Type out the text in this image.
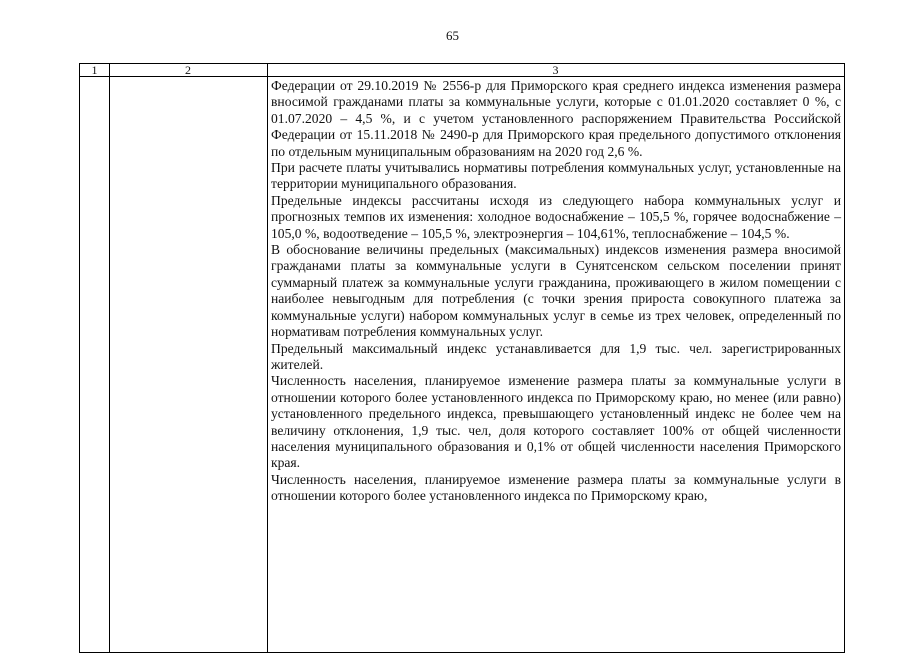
65
1	2	3

Федерации от 29.10.2019 № 2556-р для Приморского края среднего индекса изменения размера вносимой гражданами платы за коммунальные услуги, которые с 01.01.2020 составляет 0 %, с 01.07.2020 – 4,5 %, и с учетом установленного распоряжением Правительства Российской Федерации от 15.11.2018 № 2490-р для Приморского края предельного допустимого отклонения по отдельным муниципальным образованиям на 2020 год 2,6 %.

При расчете платы учитывались нормативы потребления коммунальных услуг, установленные на территории муниципального образования.

Предельные индексы рассчитаны исходя из следующего набора коммунальных услуг и прогнозных темпов их изменения: холодное водоснабжение – 105,5 %, горячее водоснабжение – 105,0 %, водоотведение – 105,5 %, электроэнергия – 104,61%, теплоснабжение – 104,5 %.

В обоснование величины предельных (максимальных) индексов изменения размера вносимой гражданами платы за коммунальные услуги в Сунятсенском сельском поселении принят суммарный платеж за коммунальные услуги гражданина, проживающего в жилом помещении с наиболее невыгодным для потребления (с точки зрения прироста совокупного платежа за коммунальные услуги) набором коммунальных услуг в семье из трех человек, определенный по нормативам потребления коммунальных услуг.

Предельный максимальный индекс устанавливается для 1,9 тыс. чел. зарегистрированных жителей.

Численность населения, планируемое изменение размера платы за коммунальные услуги в отношении которого более установленного индекса по Приморскому краю, но менее (или равно) установленного предельного индекса, превышающего установленный индекс не более чем на величину отклонения, 1,9 тыс. чел, доля которого составляет 100% от общей численности населения муниципального образования и 0,1% от общей численности населения Приморского края.

Численность населения, планируемое изменение размера платы за коммунальные услуги в отношении которого более установленного индекса по Приморскому краю,
